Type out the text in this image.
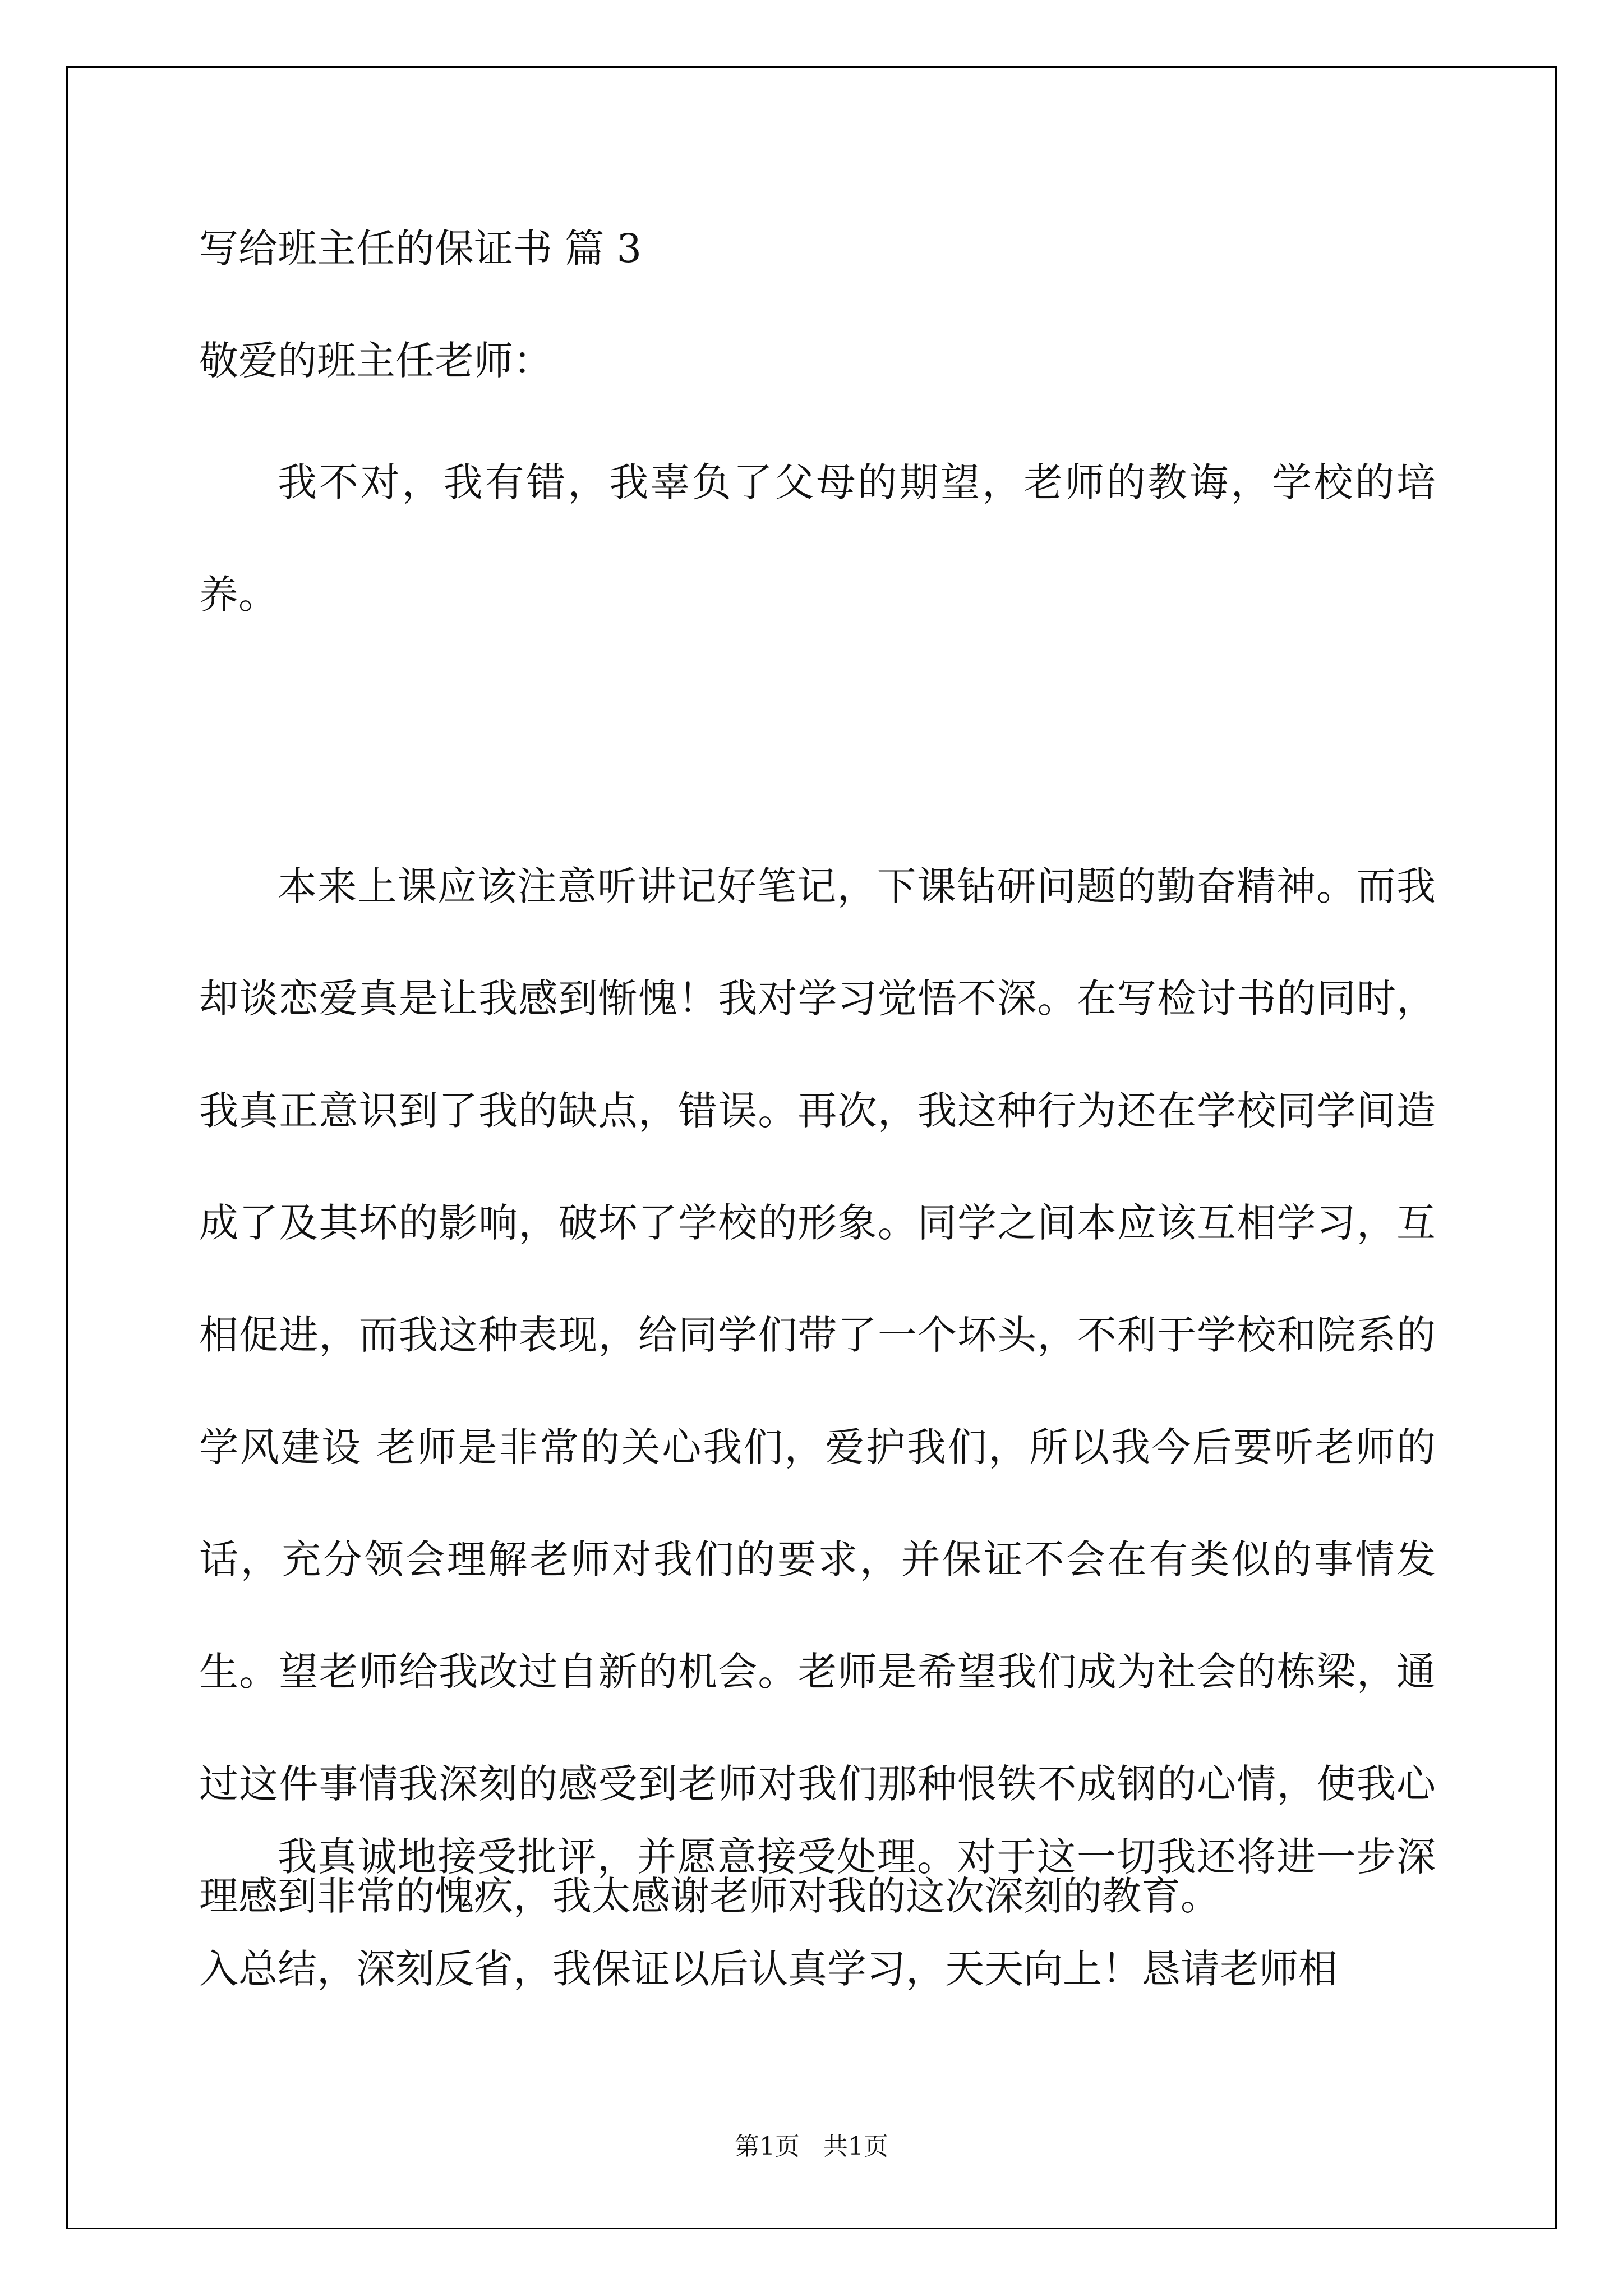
写给班主任的保证书 篇 3
敬爱的班主任老师：

我不对，我有错，我辜负了父母的期望，老师的教诲，学校的培养。

本来上课应该注意听讲记好笔记，下课钻研问题的勤奋精神。而我却谈恋爱真是让我感到惭愧！我对学习觉悟不深。在写检讨书的同时，我真正意识到了我的缺点，错误。再次，我这种行为还在学校同学间造成了及其坏的影响，破坏了学校的形象。同学之间本应该互相学习，互相促进，而我这种表现，给同学们带了一个坏头，不利于学校和院系的学风建设 老师是非常的关心我们，爱护我们，所以我今后要听老师的话，充分领会理解老师对我们的要求，并保证不会在有类似的事情发生。望老师给我改过自新的机会。老师是希望我们成为社会的栋梁，通过这件事情我深刻的感受到老师对我们那种恨铁不成钢的心情，使我心理感到非常的愧疚，我太感谢老师对我的这次深刻的教育。

我真诚地接受批评，并愿意接受处理。对于这一切我还将进一步深入总结，深刻反省，我保证以后认真学习，天天向上！恳请老师相

第1页   共1页
